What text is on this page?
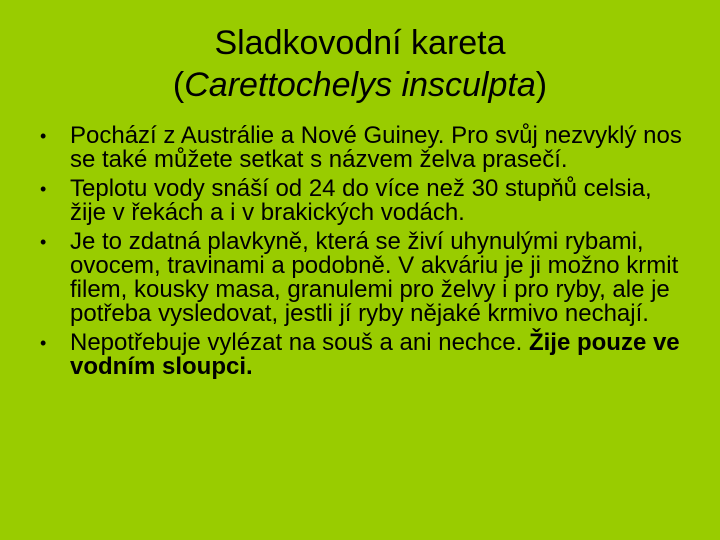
Sladkovodní kareta
(Carettochelys insculpta)
• Pochází z Austrálie a Nové Guiney. Pro svůj nezvyklý nos se také můžete setkat s názvem želva prasečí.
• Teplotu vody snáší od 24 do více než 30 stupňů celsia, žije v řekách a i v brakických vodách.
• Je to zdatná plavkyně, která se živí uhynulými rybami, ovocem, travinami a podobně. V akváriu je ji možno krmit filem, kousky masa, granulemi pro želvy i pro ryby, ale je potřeba vysledovat, jestli jí ryby nějaké krmivo nechají.
• Nepotřebuje vylézat na souš a ani nechce. Žije pouze ve vodním sloupci.
